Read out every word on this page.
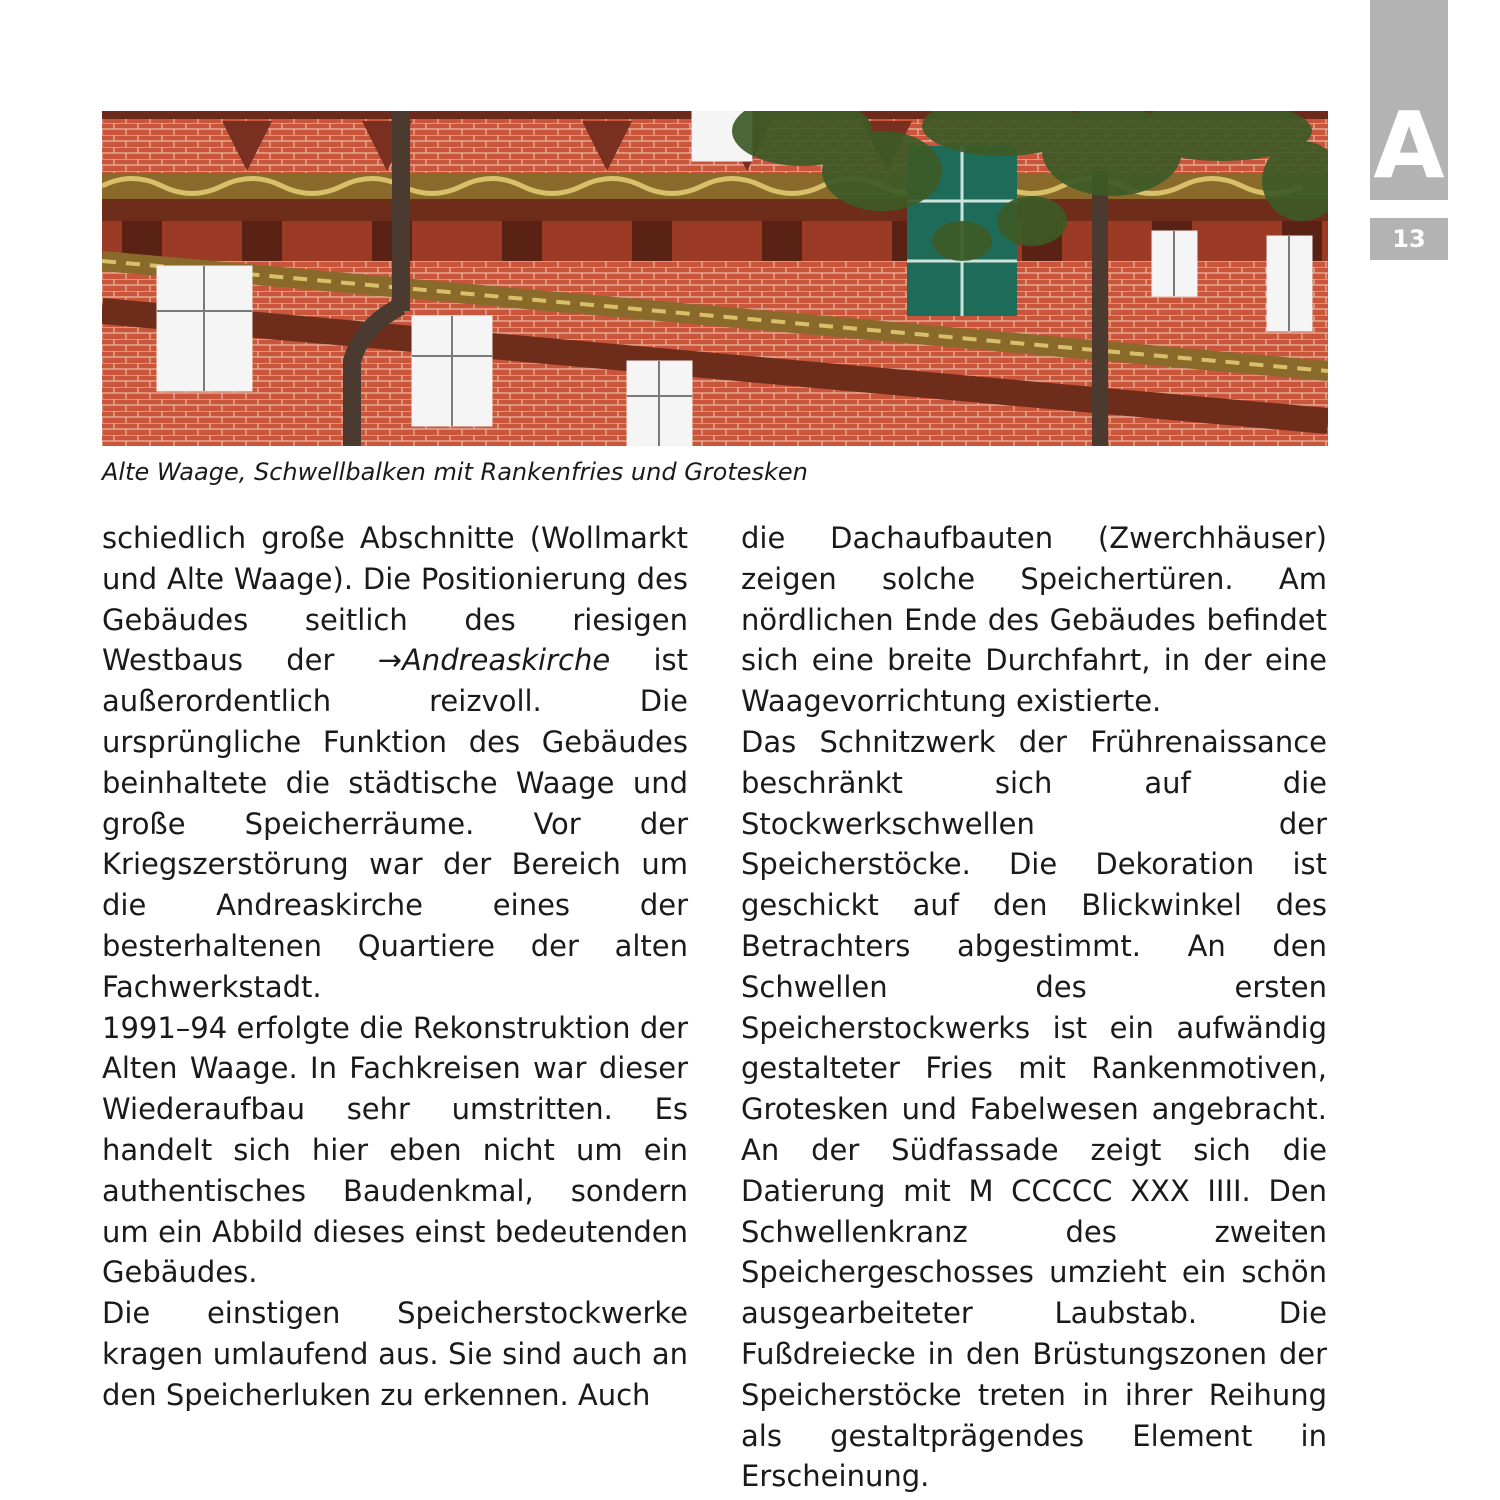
A
13
Alte Waage, Schwellbalken mit Rankenfries und Grotesken

schiedlich große Abschnitte (Wollmarkt und Alte Waage). Die Positionierung des Gebäudes seitlich des riesigen Westbaus der →Andreaskirche ist außerordentlich reizvoll. Die ursprüngliche Funktion des Gebäudes beinhaltete die städtische Waage und große Speicherräume. Vor der Kriegszerstörung war der Bereich um die Andreaskirche eines der besterhaltenen Quartiere der alten Fachwerkstadt.

1991–94 erfolgte die Rekonstruktion der Alten Waage. In Fachkreisen war dieser Wiederaufbau sehr umstritten. Es handelt sich hier eben nicht um ein authentisches Baudenkmal, sondern um ein Abbild dieses einst bedeutenden Gebäudes.

Die einstigen Speicherstockwerke kragen umlaufend aus. Sie sind auch an den Speicherluken zu erkennen. Auch

die Dachaufbauten (Zwerchhäuser) zeigen solche Speichertüren. Am nördlichen Ende des Gebäudes befindet sich eine breite Durchfahrt, in der eine Waagevorrichtung existierte.

Das Schnitzwerk der Frührenaissance beschränkt sich auf die Stockwerkschwellen der Speicherstöcke. Die Dekoration ist geschickt auf den Blickwinkel des Betrachters abgestimmt. An den Schwellen des ersten Speicherstockwerks ist ein aufwändig gestalteter Fries mit Rankenmotiven, Grotesken und Fabelwesen angebracht. An der Südfassade zeigt sich die Datierung mit M CCCCC XXX IIII. Den Schwellenkranz des zweiten Speichergeschosses umzieht ein schön ausgearbeiteter Laubstab. Die Fußdreiecke in den Brüstungszonen der Speicherstöcke treten in ihrer Reihung als gestaltprägendes Element in Erscheinung.
